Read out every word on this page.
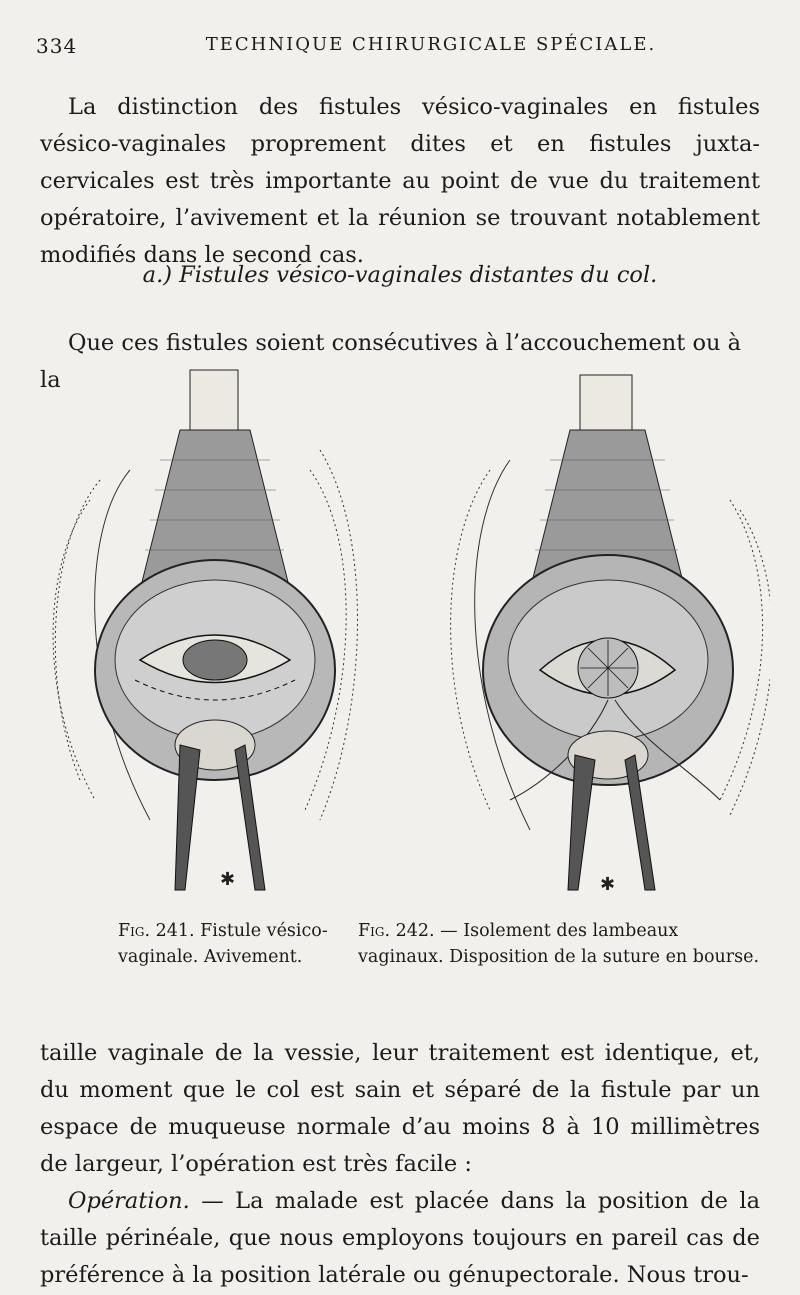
334	TECHNIQUE CHIRURGICALE SPÉCIALE.

La distinction des fistules vésico-vaginales en fistules vésico-vaginales proprement dites et en fistules juxta-cervicales est très importante au point de vue du traitement opératoire, l’avivement et la réunion se trouvant notablement modifiés dans le second cas.

a.) Fistules vésico-vaginales distantes du col.

Que ces fistules soient consécutives à l’accouchement ou à la

✱	✱
Fig. 241. Fistule vésico-vaginale. Avivement.
Fig. 242. — Isolement des lambeaux vaginaux. Disposition de la suture en bourse.

taille vaginale de la vessie, leur traitement est identique, et, du moment que le col est sain et séparé de la fistule par un espace de muqueuse normale d’au moins 8 à 10 millimètres de largeur, l’opération est très facile :

Opération. — La malade est placée dans la position de la taille périnéale, que nous employons toujours en pareil cas de préférence à la position latérale ou génupectorale. Nous trou-
